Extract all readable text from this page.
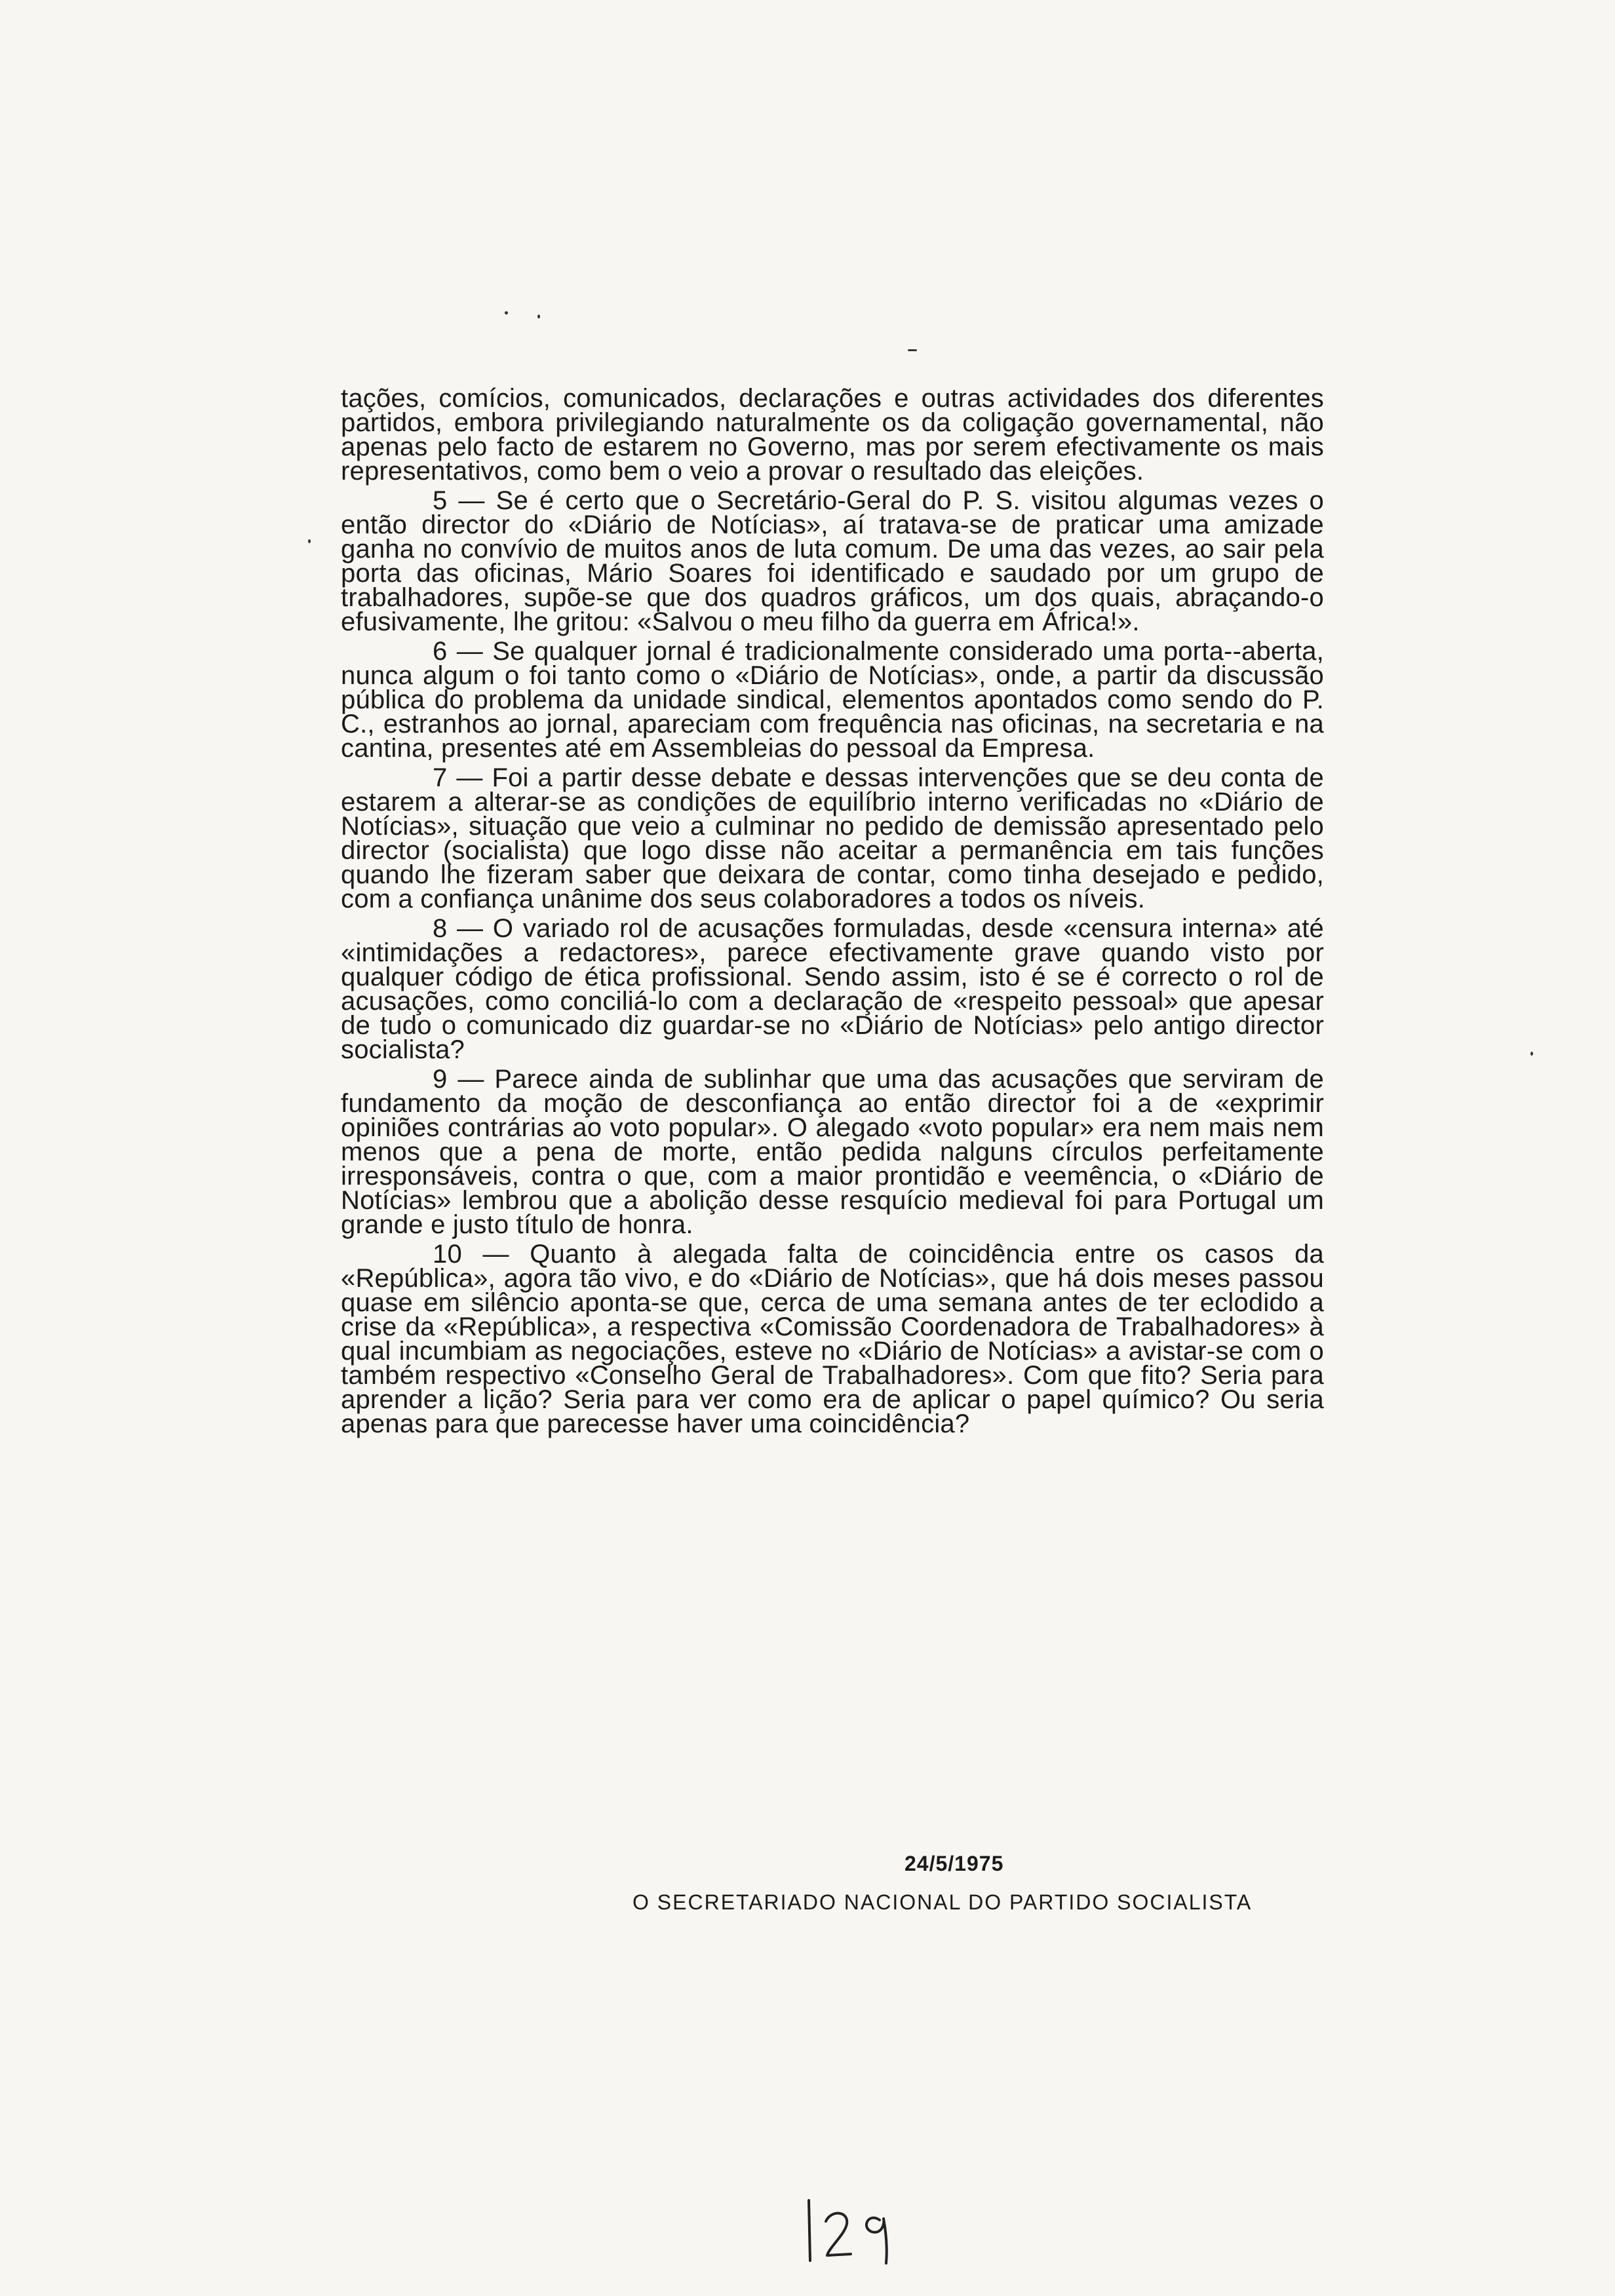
tações, comícios, comunicados, declarações e outras actividades dos diferentes partidos, embora privilegiando naturalmente os da coligação governamental, não apenas pelo facto de estarem no Governo, mas por serem efectivamente os mais representativos, como bem o veio a provar o resultado das eleições.

5 — Se é certo que o Secretário-Geral do P. S. visitou algumas vezes o então director do «Diário de Notícias», aí tratava-se de praticar uma amizade ganha no convívio de muitos anos de luta comum. De uma das vezes, ao sair pela porta das oficinas, Mário Soares foi identificado e saudado por um grupo de trabalhadores, supõe-se que dos quadros gráficos, um dos quais, abraçando-o efusivamente, lhe gritou: «Salvou o meu filho da guerra em África!».

6 — Se qualquer jornal é tradicionalmente considerado uma porta--aberta, nunca algum o foi tanto como o «Diário de Notícias», onde, a partir da discussão pública do problema da unidade sindical, elementos apontados como sendo do P. C., estranhos ao jornal, apareciam com frequência nas oficinas, na secretaria e na cantina, presentes até em Assembleias do pessoal da Empresa.

7 — Foi a partir desse debate e dessas intervenções que se deu conta de estarem a alterar-se as condições de equilíbrio interno verificadas no «Diário de Notícias», situação que veio a culminar no pedido de demissão apresentado pelo director (socialista) que logo disse não aceitar a permanência em tais funções quando lhe fizeram saber que deixara de contar, como tinha desejado e pedido, com a confiança unânime dos seus colaboradores a todos os níveis.

8 — O variado rol de acusações formuladas, desde «censura interna» até «intimidações a redactores», parece efectivamente grave quando visto por qualquer código de ética profissional. Sendo assim, isto é se é correcto o rol de acusações, como conciliá-lo com a declaração de «respeito pessoal» que apesar de tudo o comunicado diz guardar-se no «Diário de Notícias» pelo antigo director socialista?

9 — Parece ainda de sublinhar que uma das acusações que serviram de fundamento da moção de desconfiança ao então director foi a de «exprimir opiniões contrárias ao voto popular». O alegado «voto popular» era nem mais nem menos que a pena de morte, então pedida nalguns círculos perfeitamente irresponsáveis, contra o que, com a maior prontidão e veemência, o «Diário de Notícias» lembrou que a abolição desse resquício medieval foi para Portugal um grande e justo título de honra.

10 — Quanto à alegada falta de coincidência entre os casos da «República», agora tão vivo, e do «Diário de Notícias», que há dois meses passou quase em silêncio aponta-se que, cerca de uma semana antes de ter eclodido a crise da «República», a respectiva «Comissão Coordenadora de Trabalhadores» à qual incumbiam as negociações, esteve no «Diário de Notícias» a avistar-se com o também respectivo «Conselho Geral de Trabalhadores». Com que fito? Seria para aprender a lição? Seria para ver como era de aplicar o papel químico? Ou seria apenas para que parecesse haver uma coincidência?

24/5/1975
O SECRETARIADO NACIONAL DO PARTIDO SOCIALISTA
